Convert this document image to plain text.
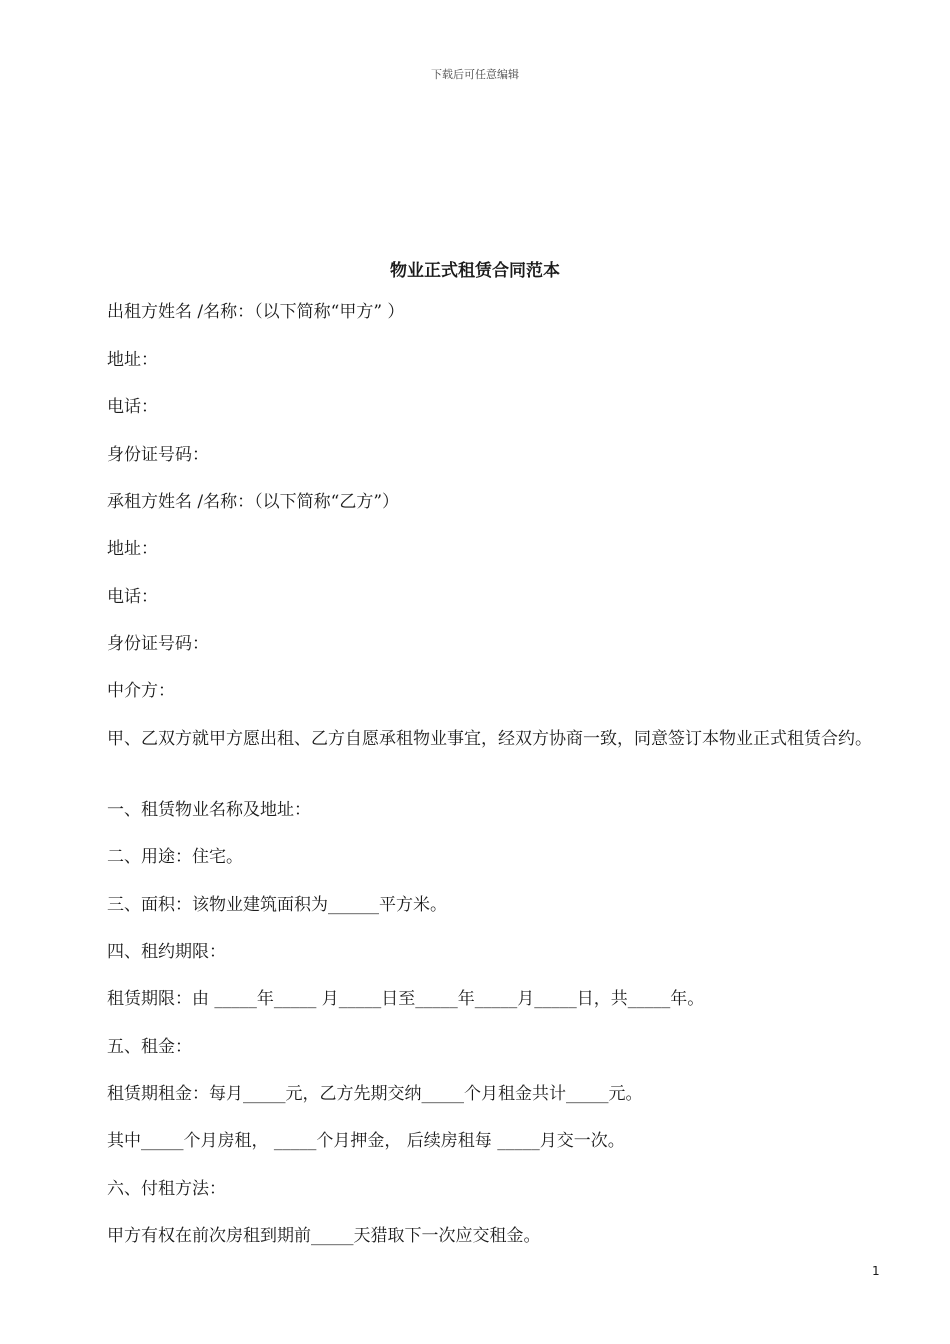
下载后可任意编辑
物业正式租赁合同范本
出租方姓名 /名称：（以下简称“甲方” ）
地址：
电话：
身份证号码：
承租方姓名 /名称：（以下简称“乙方”）
地址：
电话：
身份证号码：
中介方：
甲、乙双方就甲方愿出租、乙方自愿承租物业事宜，经双方协商一致，同意签订本物业正式租赁合约。
一、租赁物业名称及地址：
二、用途：住宅。
三、面积：该物业建筑面积为______平方米。
四、租约期限：
租赁期限：由 _____年_____ 月_____日至_____年_____月_____日，共_____年。
五、租金：
租赁期租金：每月_____元，乙方先期交纳_____个月租金共计_____元。
其中_____个月房租， _____个月押金， 后续房租每 _____月交一次。
六、付租方法：
甲方有权在前次房租到期前_____天猎取下一次应交租金。
1
